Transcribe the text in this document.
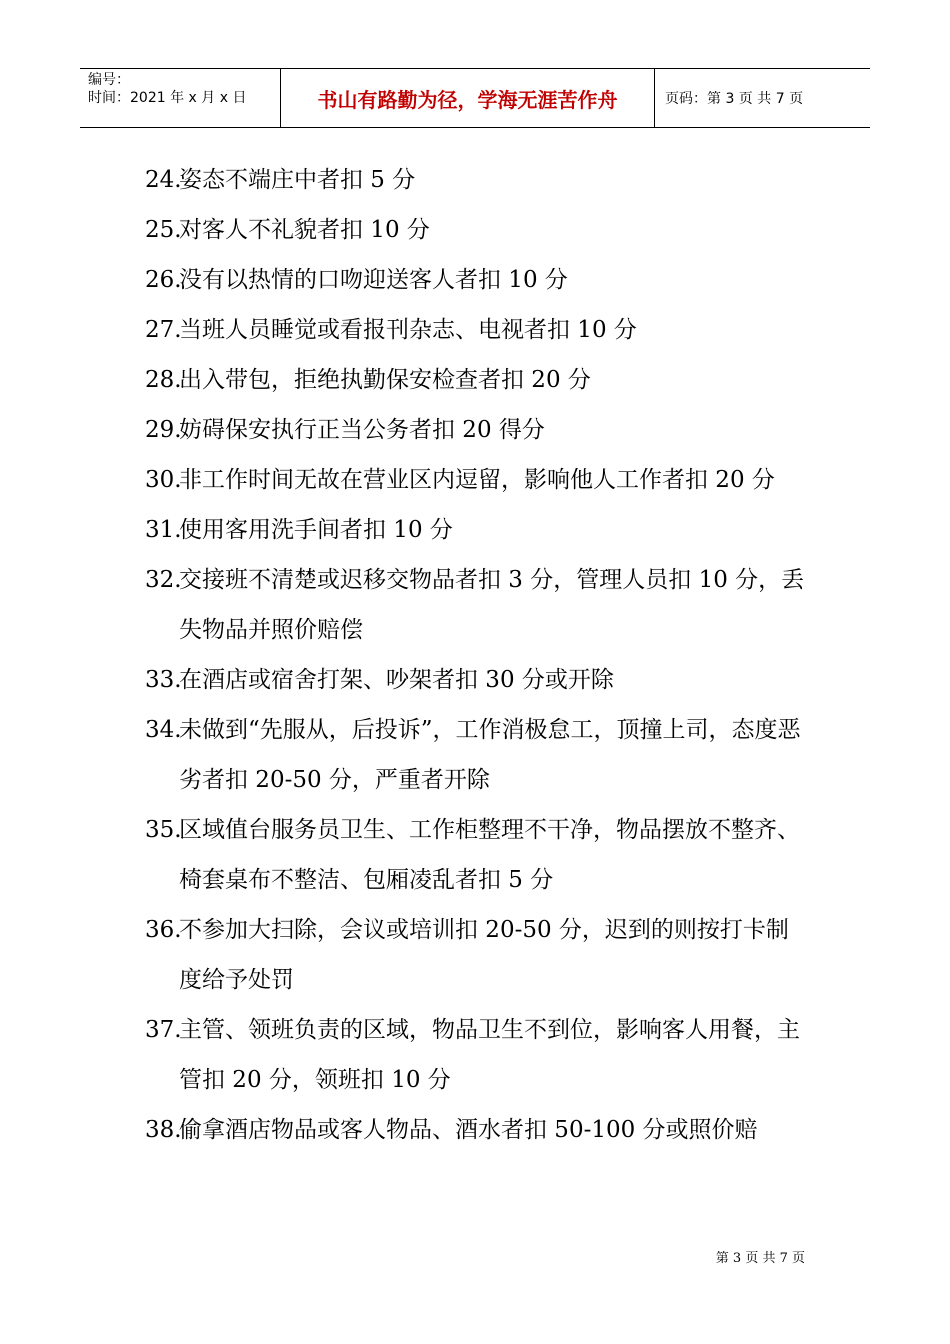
编号：
时间：2021 年 x 月 x 日	书山有路勤为径，学海无涯苦作舟	页码：第 3 页 共 7 页
24.
姿态不端庄中者扣 5 分
25.
对客人不礼貌者扣 10 分
26.
没有以热情的口吻迎送客人者扣 10 分
27.
当班人员睡觉或看报刊杂志、电视者扣 10 分
28.
出入带包，拒绝执勤保安检查者扣 20 分
29.
妨碍保安执行正当公务者扣 20 得分
30.
非工作时间无故在营业区内逗留，影响他人工作者扣 20 分
31.
使用客用洗手间者扣 10 分
32.
交接班不清楚或迟移交物品者扣 3 分，管理人员扣 10 分，丢失物品并照价赔偿
33.
在酒店或宿舍打架、吵架者扣 30 分或开除
34.
未做到“先服从，后投诉”，工作消极怠工，顶撞上司，态度恶劣者扣 20-50 分，严重者开除
35.
区域值台服务员卫生、工作柜整理不干净，物品摆放不整齐、椅套桌布不整洁、包厢凌乱者扣 5 分
36.
不参加大扫除，会议或培训扣 20-50 分，迟到的则按打卡制度给予处罚
37.
主管、领班负责的区域，物品卫生不到位，影响客人用餐，主管扣 20 分，领班扣 10 分
38.
偷拿酒店物品或客人物品、酒水者扣 50-100 分或照价赔
第 3 页 共 7 页
